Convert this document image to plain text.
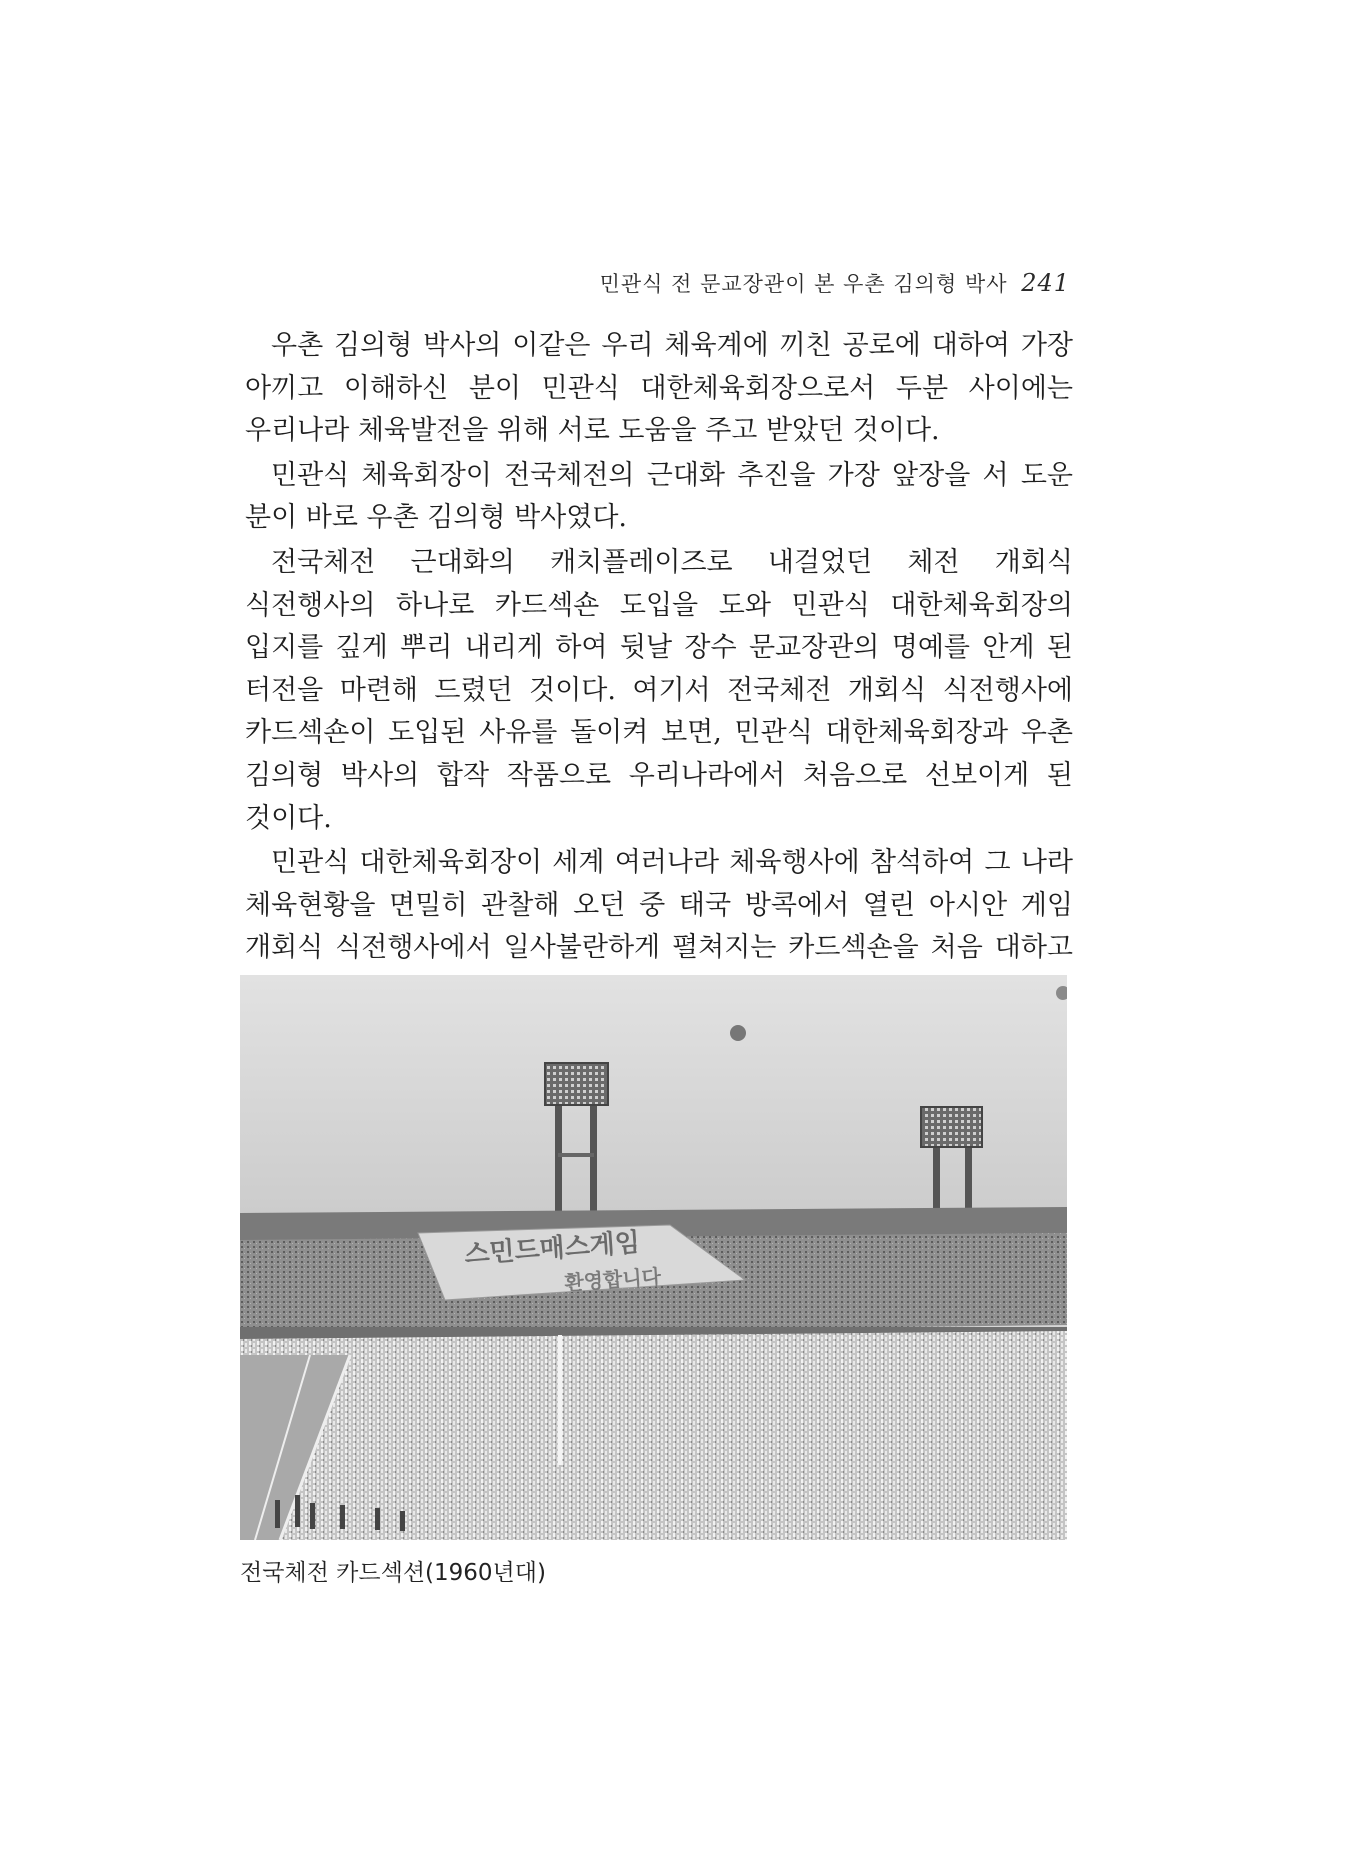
민관식 전 문교장관이 본 우촌 김의형 박사 241

우촌 김의형 박사의 이같은 우리 체육계에 끼친 공로에 대하여 가장 아끼고 이해하신 분이 민관식 대한체육회장으로서 두분 사이에는 우리나라 체육발전을 위해 서로 도움을 주고 받았던 것이다.

민관식 체육회장이 전국체전의 근대화 추진을 가장 앞장을 서 도운 분이 바로 우촌 김의형 박사였다.

전국체전 근대화의 캐치플레이즈로 내걸었던 체전 개회식 식전행사의 하나로 카드섹숀 도입을 도와 민관식 대한체육회장의 입지를 깊게 뿌리 내리게 하여 뒷날 장수 문교장관의 명예를 안게 된 터전을 마련해 드렸던 것이다. 여기서 전국체전 개회식 식전행사에 카드섹숀이 도입된 사유를 돌이켜 보면, 민관식 대한체육회장과 우촌 김의형 박사의 합작 작품으로 우리나라에서 처음으로 선보이게 된 것이다.

민관식 대한체육회장이 세계 여러나라 체육행사에 참석하여 그 나라 체육현황을 면밀히 관찰해 오던 중 태국 방콕에서 열린 아시안 게임 개회식 식전행사에서 일사불란하게 펼쳐지는 카드섹숀을 처음 대하고

스민드매스게임
환영합니다
전국체전 카드섹션(1960년대)
